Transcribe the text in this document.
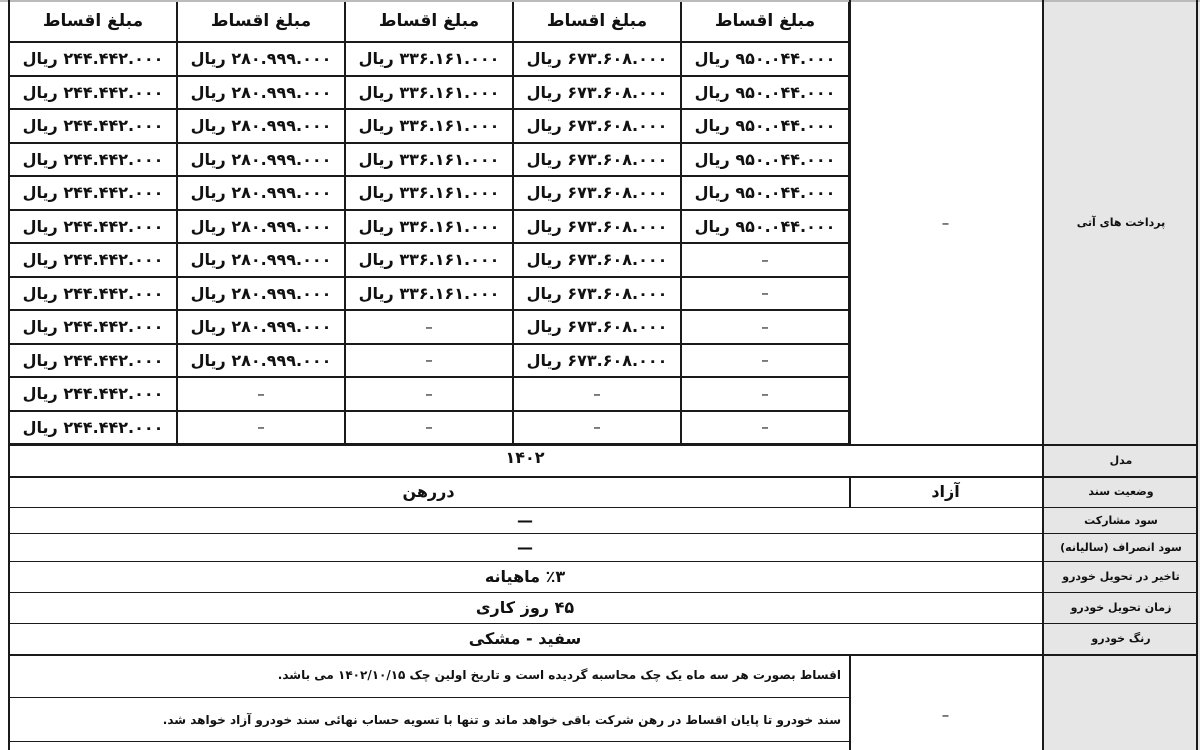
پرداخت های آتی
–
مبلغ اقساط
۹۵۰.۰۴۴.۰۰۰ ریال
۹۵۰.۰۴۴.۰۰۰ ریال
۹۵۰.۰۴۴.۰۰۰ ریال
۹۵۰.۰۴۴.۰۰۰ ریال
۹۵۰.۰۴۴.۰۰۰ ریال
۹۵۰.۰۴۴.۰۰۰ ریال
–
–
–
–
–
–
مبلغ اقساط
۶۷۳.۶۰۸.۰۰۰ ریال
۶۷۳.۶۰۸.۰۰۰ ریال
۶۷۳.۶۰۸.۰۰۰ ریال
۶۷۳.۶۰۸.۰۰۰ ریال
۶۷۳.۶۰۸.۰۰۰ ریال
۶۷۳.۶۰۸.۰۰۰ ریال
۶۷۳.۶۰۸.۰۰۰ ریال
۶۷۳.۶۰۸.۰۰۰ ریال
۶۷۳.۶۰۸.۰۰۰ ریال
۶۷۳.۶۰۸.۰۰۰ ریال
–
–
مبلغ اقساط
۳۳۶.۱۶۱.۰۰۰ ریال
۳۳۶.۱۶۱.۰۰۰ ریال
۳۳۶.۱۶۱.۰۰۰ ریال
۳۳۶.۱۶۱.۰۰۰ ریال
۳۳۶.۱۶۱.۰۰۰ ریال
۳۳۶.۱۶۱.۰۰۰ ریال
۳۳۶.۱۶۱.۰۰۰ ریال
۳۳۶.۱۶۱.۰۰۰ ریال
–
–
–
–
مبلغ اقساط
۲۸۰.۹۹۹.۰۰۰ ریال
۲۸۰.۹۹۹.۰۰۰ ریال
۲۸۰.۹۹۹.۰۰۰ ریال
۲۸۰.۹۹۹.۰۰۰ ریال
۲۸۰.۹۹۹.۰۰۰ ریال
۲۸۰.۹۹۹.۰۰۰ ریال
۲۸۰.۹۹۹.۰۰۰ ریال
۲۸۰.۹۹۹.۰۰۰ ریال
۲۸۰.۹۹۹.۰۰۰ ریال
۲۸۰.۹۹۹.۰۰۰ ریال
–
–
مبلغ اقساط
۲۴۴.۴۴۲.۰۰۰ ریال
۲۴۴.۴۴۲.۰۰۰ ریال
۲۴۴.۴۴۲.۰۰۰ ریال
۲۴۴.۴۴۲.۰۰۰ ریال
۲۴۴.۴۴۲.۰۰۰ ریال
۲۴۴.۴۴۲.۰۰۰ ریال
۲۴۴.۴۴۲.۰۰۰ ریال
۲۴۴.۴۴۲.۰۰۰ ریال
۲۴۴.۴۴۲.۰۰۰ ریال
۲۴۴.۴۴۲.۰۰۰ ریال
۲۴۴.۴۴۲.۰۰۰ ریال
۲۴۴.۴۴۲.۰۰۰ ریال
مدل
۱۴۰۲
وضعیت سند
آزاد
دررهن
سود مشارکت
—
سود انصراف (سالیانه)
—
تاخیر در تحویل خودرو
٪۳ ماهیانه
زمان تحویل خودرو
۴۵ روز کاری
رنگ خودرو
سفید - مشکی
–
اقساط بصورت هر سه ماه یک چک محاسبه گردیده است و تاریخ اولین چک ۱۴۰۲/۱۰/۱۵ می باشد.
سند خودرو تا پایان اقساط در رهن شرکت باقی خواهد ماند و تنها با تسویه حساب نهائی سند خودرو آزاد خواهد شد.
